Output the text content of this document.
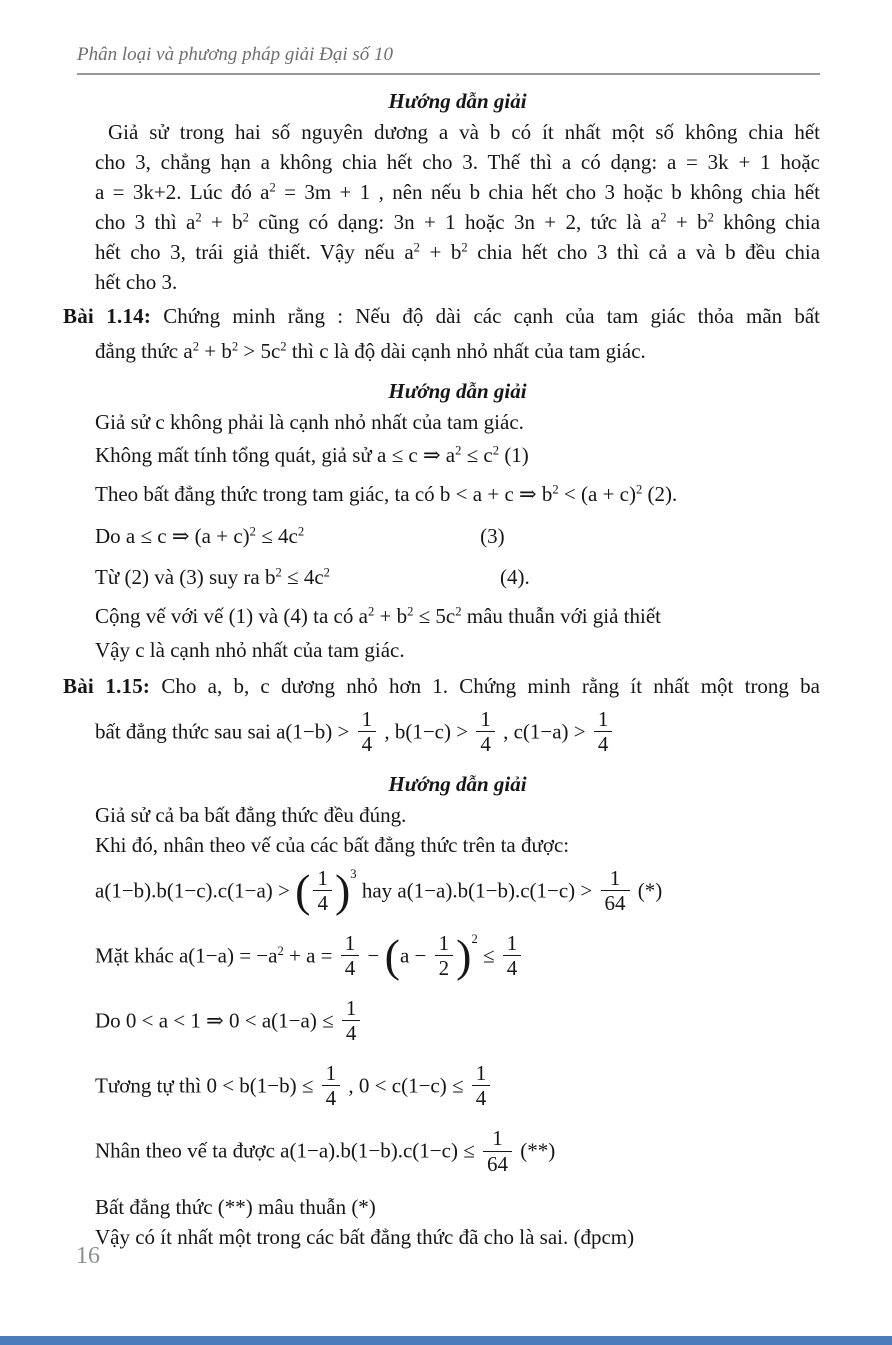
Phân loại và phương pháp giải Đại số 10
Hướng dẫn giải
Giả sử trong hai số nguyên dương a và b có ít nhất một số không chia hết
cho 3, chẳng hạn a không chia hết cho 3. Thế thì a có dạng: a = 3k + 1 hoặc
a = 3k+2. Lúc đó $a^2 = 3m + 1$ , nên nếu b chia hết cho 3 hoặc b không chia hết
cho 3 thì $a^2 + b^2$ cũng có dạng: 3n + 1 hoặc 3n + 2, tức là $a^2 + b^2$ không chia
hết cho 3, trái giả thiết. Vậy nếu $a^2 + b^2$ chia hết cho 3 thì cả a và b đều chia
hết cho 3.
Bài 1.14: Chứng minh rằng : Nếu độ dài các cạnh của tam giác thỏa mãn bất
đẳng thức $a^2 + b^2 > 5c^2$ thì c là độ dài cạnh nhỏ nhất của tam giác.
Hướng dẫn giải
Giả sử c không phải là cạnh nhỏ nhất của tam giác.
Không mất tính tổng quát, giả sử a ≤ c ⇒ $a^2 \le c^2$ (1)
Theo bất đẳng thức trong tam giác, ta có b < a + c ⇒ $b^2 < (a + c)^2$ (2).
Do a ≤ c ⇒ $(a + c)^2 \le 4c^2$	(3)
Từ (2) và (3) suy ra $b^2 \le 4c^2$	(4).
Cộng vế với vế (1) và (4) ta có $a^2 + b^2 \le 5c^2$ mâu thuẫn với giả thiết
Vậy c là cạnh nhỏ nhất của tam giác.
Bài 1.15: Cho a, b, c dương nhỏ hơn 1. Chứng minh rằng ít nhất một trong ba
bất đẳng thức sau sai $a(1-b) > \frac{1}{4}$ , $b(1-c) > \frac{1}{4}$ , $c(1-a) > \frac{1}{4}$
Hướng dẫn giải
Giả sử cả ba bất đẳng thức đều đúng.
Khi đó, nhân theo vế của các bất đẳng thức trên ta được:
a(1−b).b(1−c).c(1−a) > ( $\frac{1}{4} )^3$ hay $a(1-a).b(1-b).c(1-c) > \frac{1}{64}$ (*)
Mặt khác $a(1-a) = -a^2 + a = \frac{1}{4} - (a - \frac{1}{2} )^2 \le \frac{1}{4}$
Do 0 < a < 1 ⇒ $0 < a(1-a) \le \frac{1}{4}$
Tương tự thì $0 < b(1-b) \le \frac{1}{4}$ , $0 < c(1-c) \le \frac{1}{4}$
Nhân theo vế ta được $a(1-a).b(1-b).c(1-c) \le \frac{1}{64}$ (**)
Bất đẳng thức (**) mâu thuẫn (*)
Vậy có ít nhất một trong các bất đẳng thức đã cho là sai. (đpcm)
16
